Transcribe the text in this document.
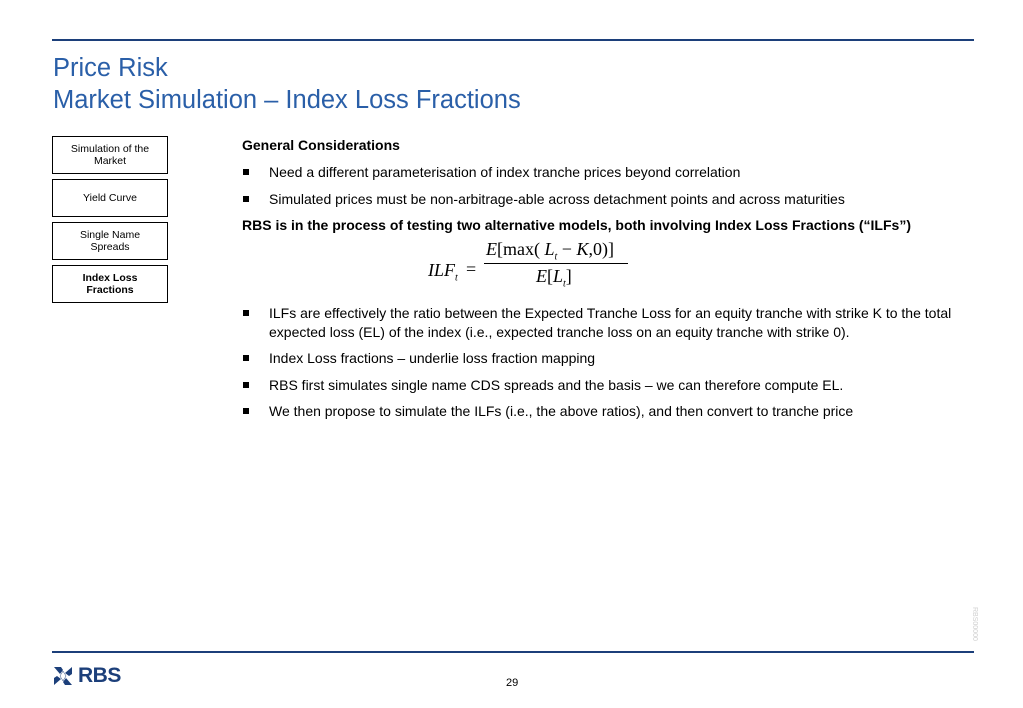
Price Risk
Market Simulation – Index Loss Fractions
Simulation of the Market
Yield Curve
Single Name Spreads
Index Loss Fractions

General Considerations

Need a different parameterisation of index tranche prices beyond correlation
Simulated prices must be non-arbitrage-able across detachment points and across maturities

RBS is in the process of testing two alternative models, both involving Index Loss Fractions (“ILFs”)

$ILF_t$ =
E[max( $L_t - K,0$)]
$E[L_t]$
ILFs are effectively the ratio between the Expected Tranche Loss for an equity tranche with strike K to the total expected loss (EL) of the index (i.e., expected tranche loss on an equity tranche with strike 0).
Index Loss fractions – underlie loss fraction mapping
RBS first simulates single name CDS spreads and the basis – we can therefore compute EL.
We then propose to simulate the ILFs (i.e., the above ratios), and then convert to tranche price
RBS	29
RBS00000
